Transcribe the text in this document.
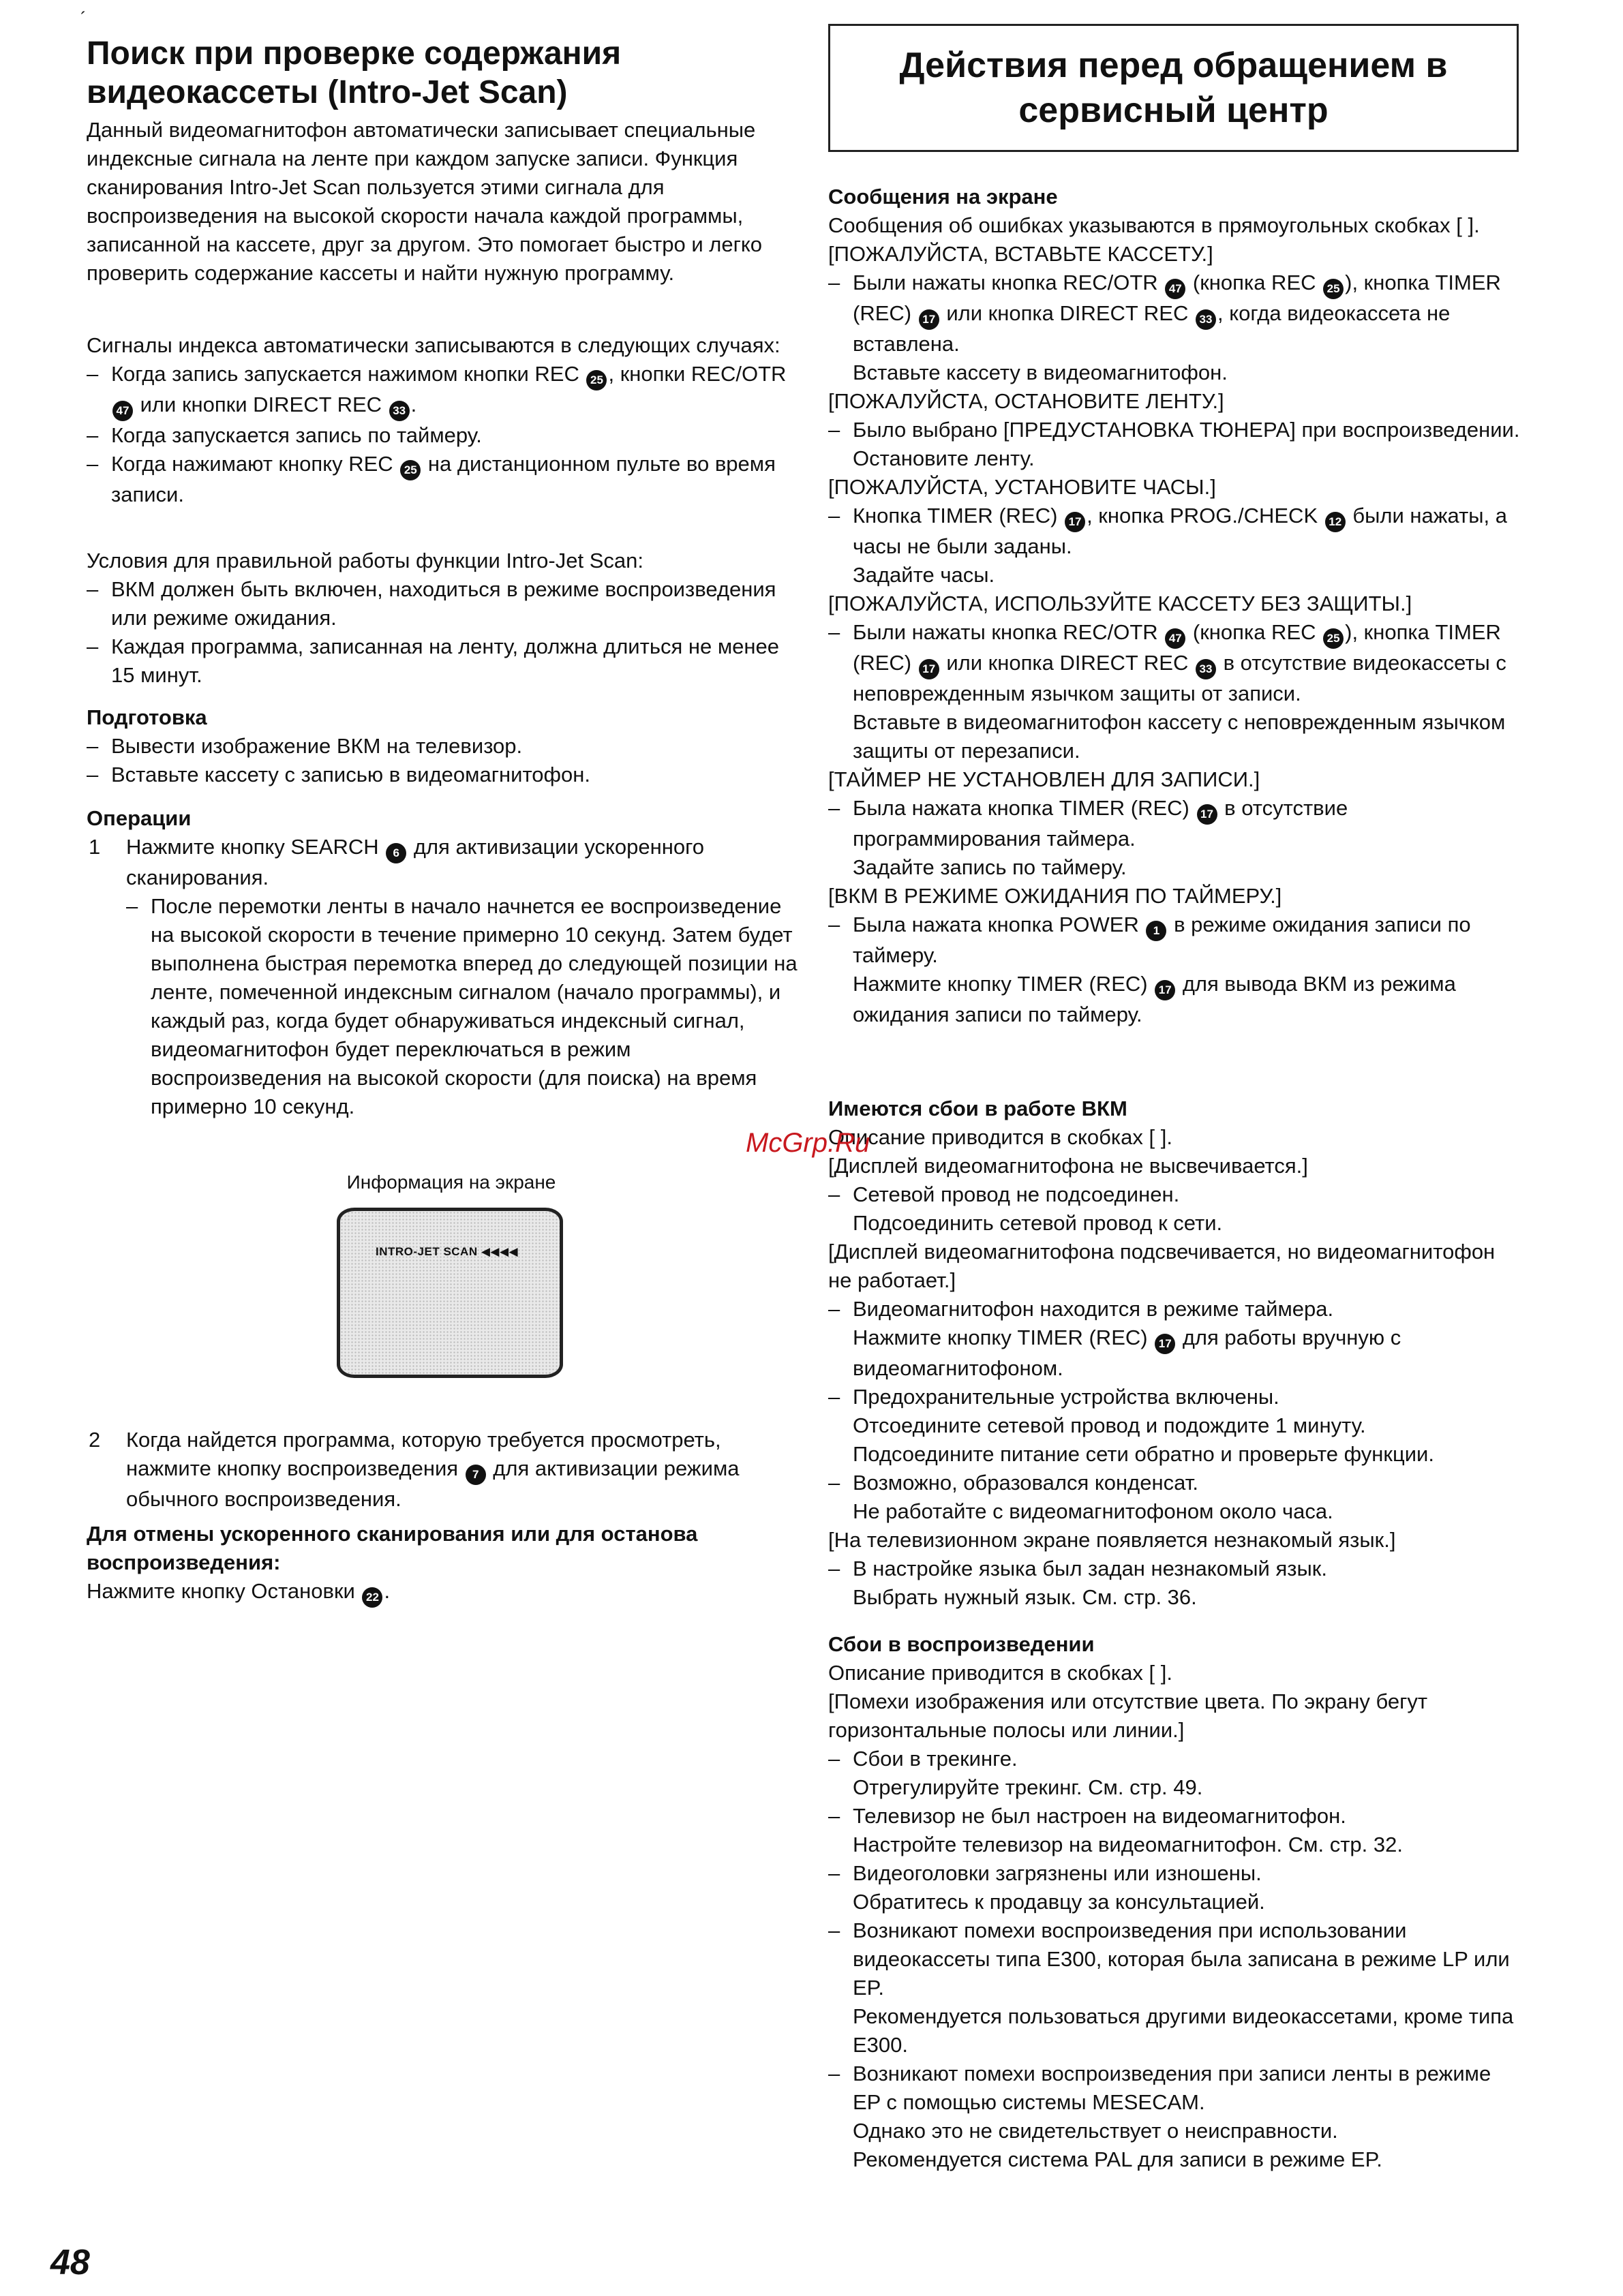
´
Поиск при проверке содержания видеокассеты (Intro-Jet Scan)

Данный видеомагнитофон автоматически записывает специальные индексные сигнала на ленте при каждом запуске записи. Функция сканирования Intro-Jet Scan пользуется этими сигнала для воспроизведения на высокой скорости начала каждой программы, записанной на кассете, друг за другом. Это помогает быстро и легко проверить содержание кассеты и найти нужную программу.

Сигналы индекса автоматически записываются в следующих случаях:

– Когда запись запускается нажимом кнопки REC 25 , кнопки REC/OTR 47 или кнопки DIRECT REC 33 .
– Когда запускается запись по таймеру.
– Когда нажимают кнопку REC 25 на дистанционном пульте во время записи.

Условия для правильной работы функции Intro-Jet Scan:

– ВКМ должен быть включен, находиться в режиме воспроизведения или режиме ожидания.
– Каждая программа, записанная на ленту, должна длиться не менее 15 минут.

Подготовка

– Вывести изображение ВКМ на телевизор.
– Вставьте кассету с записью в видеомагнитофон.

Операции

1 Нажмите кнопку SEARCH 6 для активизации ускоренного сканирования.
– После перемотки ленты в начало начнется ее воспроизведение на высокой скорости в течение примерно 10 секунд. Затем будет выполнена быстрая перемотка вперед до следующей позиции на ленте, помеченной индексным сигналом (начало программы), и каждый раз, когда будет обнаруживаться индексный сигнал, видеомагнитофон будет переключаться в режим воспроизведения на высокой скорости (для поиска) на время примерно 10 секунд.
Информация на экране
INTRO-JET SCAN ◀◀◀◀
2 Когда найдется программа, которую требуется просмотреть, нажмите кнопку воспроизведения 7 для активизации режима обычного воспроизведения.

Для отмены ускоренного сканирования или для останова воспроизведения:

Нажмите кнопку Остановки 22 .

Действия перед обращением в сервисный центр

Сообщения на экране

Сообщения об ошибках указываются в прямоугольных скобках [ ].

[ПОЖАЛУЙСТА, ВСТАВЬТЕ КАССЕТУ.]

– Были нажаты кнопка REC/OTR 47 (кнопка REC 25 ), кнопка TIMER (REC) 17 или кнопка DIRECT REC 33 , когда видеокассета не вставлена.
Вставьте кассету в видеомагнитофон.

[ПОЖАЛУЙСТА, ОСТАНОВИТЕ ЛЕНТУ.]

– Было выбрано [ПРЕДУСТАНОВКА ТЮНЕРА] при воспроизведении.
Остановите ленту.

[ПОЖАЛУЙСТА, УСТАНОВИТЕ ЧАСЫ.]

– Кнопка TIMER (REC) 17 , кнопка PROG./CHECK 12 были нажаты, а часы не были заданы.
Задайте часы.

[ПОЖАЛУЙСТА, ИСПОЛЬЗУЙТЕ КАССЕТУ БЕЗ ЗАЩИТЫ.]

– Были нажаты кнопка REC/OTR 47 (кнопка REC 25 ), кнопка TIMER (REC) 17 или кнопка DIRECT REC 33 в отсутствие видеокассеты с неповрежденным язычком защиты от записи.
Вставьте в видеомагнитофон кассету с неповрежденным язычком защиты от перезаписи.

[ТАЙМЕР НЕ УСТАНОВЛЕН ДЛЯ ЗАПИСИ.]

– Была нажата кнопка TIMER (REC) 17 в отсутствие программирования таймера.
Задайте запись по таймеру.

[ВКМ В РЕЖИМЕ ОЖИДАНИЯ ПО ТАЙМЕРУ.]

– Была нажата кнопка POWER 1 в режиме ожидания записи по таймеру.
Нажмите кнопку TIMER (REC) 17 для вывода ВКМ из режима ожидания записи по таймеру.

Имеются сбои в работе ВКМ

Описание приводится в скобках [ ].

[Дисплей видеомагнитофона не высвечивается.]

– Сетевой провод не подсоединен.
Подсоединить сетевой провод к сети.

[Дисплей видеомагнитофона подсвечивается, но видеомагнитофон не работает.]

– Видеомагнитофон находится в режиме таймера.
Нажмите кнопку TIMER (REC) 17 для работы вручную с видеомагнитофоном.
– Предохранительные устройства включены.
Отсоедините сетевой провод и подождите 1 минуту.
Подсоедините питание сети обратно и проверьте функции.
– Возможно, образовался конденсат.
Не работайте с видеомагнитофоном около часа.

[На телевизионном экране появляется незнакомый язык.]

– В настройке языка был задан незнакомый язык.
Выбрать нужный язык. См. стр. 36.

Сбои в воспроизведении

Описание приводится в скобках [ ].

[Помехи изображения или отсутствие цвета. По экрану бегут горизонтальные полосы или линии.]

– Сбои в трекинге.
Отрегулируйте трекинг. См. стр. 49.
– Телевизор не был настроен на видеомагнитофон.
Настройте телевизор на видеомагнитофон. См. стр. 32.
– Видеоголовки загрязнены или изношены.
Обратитесь к продавцу за консультацией.
– Возникают помехи воспроизведения при использовании видеокассеты типа E300, которая была записана в режиме LP или EP.
Рекомендуется пользоваться другими видеокассетами, кроме типа E300.
– Возникают помехи воспроизведения при записи ленты в режиме EP с помощью системы MESECAM.
Однако это не свидетельствует о неисправности.
Рекомендуется система PAL для записи в режиме EP.
McGrp.Ru
48
